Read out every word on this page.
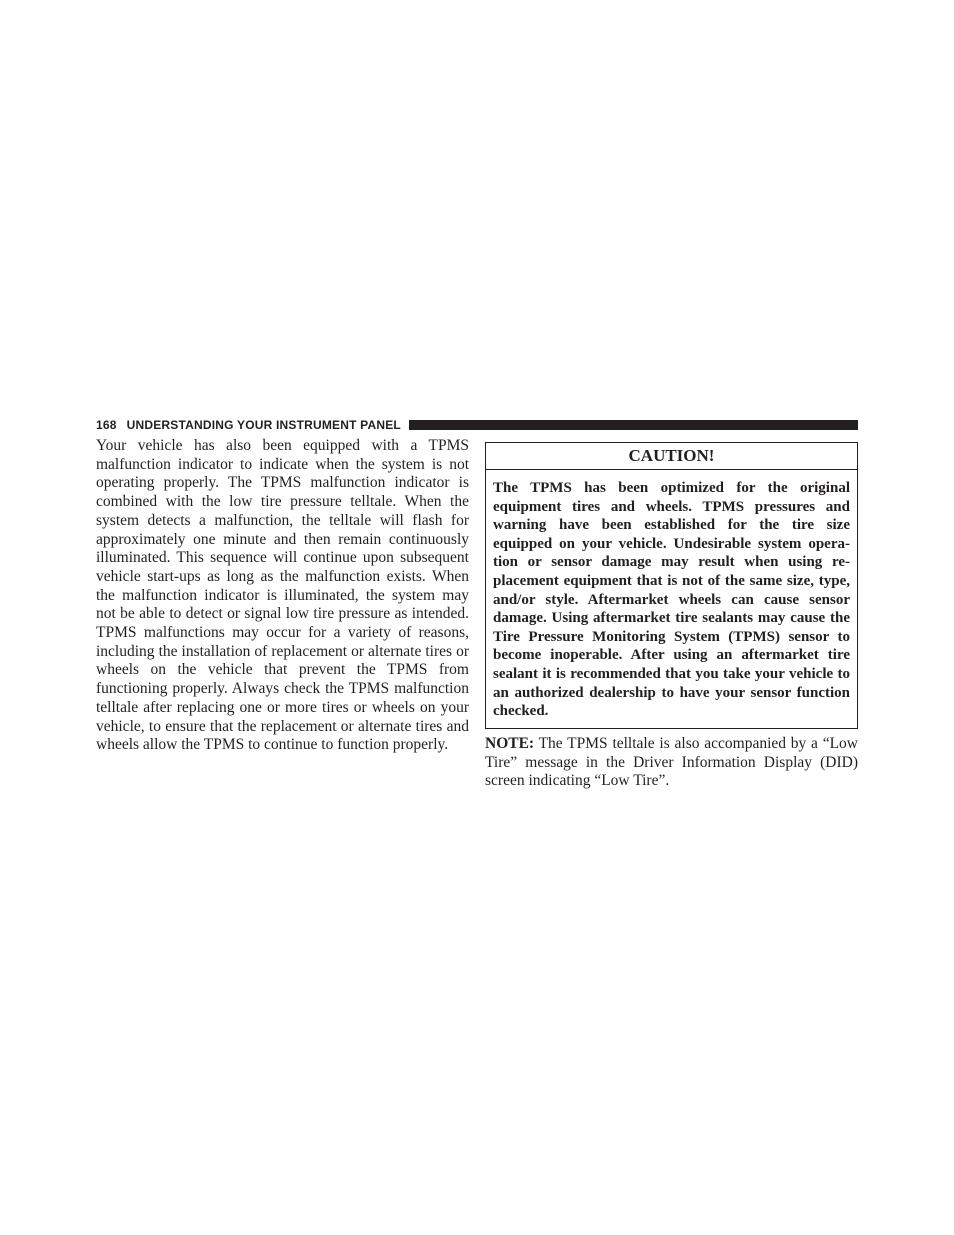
168 UNDERSTANDING YOUR INSTRUMENT PANEL

Your vehicle has also been equipped with a TPMS malfunction indicator to indicate when the system is not operating properly. The TPMS malfunction indicator is combined with the low tire pressure telltale. When the system detects a malfunction, the telltale will flash for approximately one minute and then remain continuously illuminated. This sequence will continue upon subsequent vehicle start-ups as long as the malfunction exists. When the malfunction indicator is illuminated, the system may not be able to detect or signal low tire pressure as intended. TPMS malfunctions may occur for a variety of reasons, including the installation of replacement or alternate tires or wheels on the vehicle that prevent the TPMS from functioning properly. Always check the TPMS malfunction telltale after replacing one or more tires or wheels on your vehicle, to ensure that the replacement or alternate tires and wheels allow the TPMS to continue to function properly.

CAUTION!

The TPMS has been optimized for the original equipment tires and wheels. TPMS pressures and warning have been established for the tire size equipped on your vehicle. Undesirable system operation or sensor damage may result when using replacement equipment that is not of the same size, type, and/or style. Aftermarket wheels can cause sensor damage. Using aftermarket tire sealants may cause the Tire Pressure Monitoring System (TPMS) sensor to become inoperable. After using an aftermarket tire sealant it is recommended that you take your vehicle to an authorized dealership to have your sensor function checked.

NOTE: The TPMS telltale is also accompanied by a “Low Tire” message in the Driver Information Display (DID) screen indicating “Low Tire”.
